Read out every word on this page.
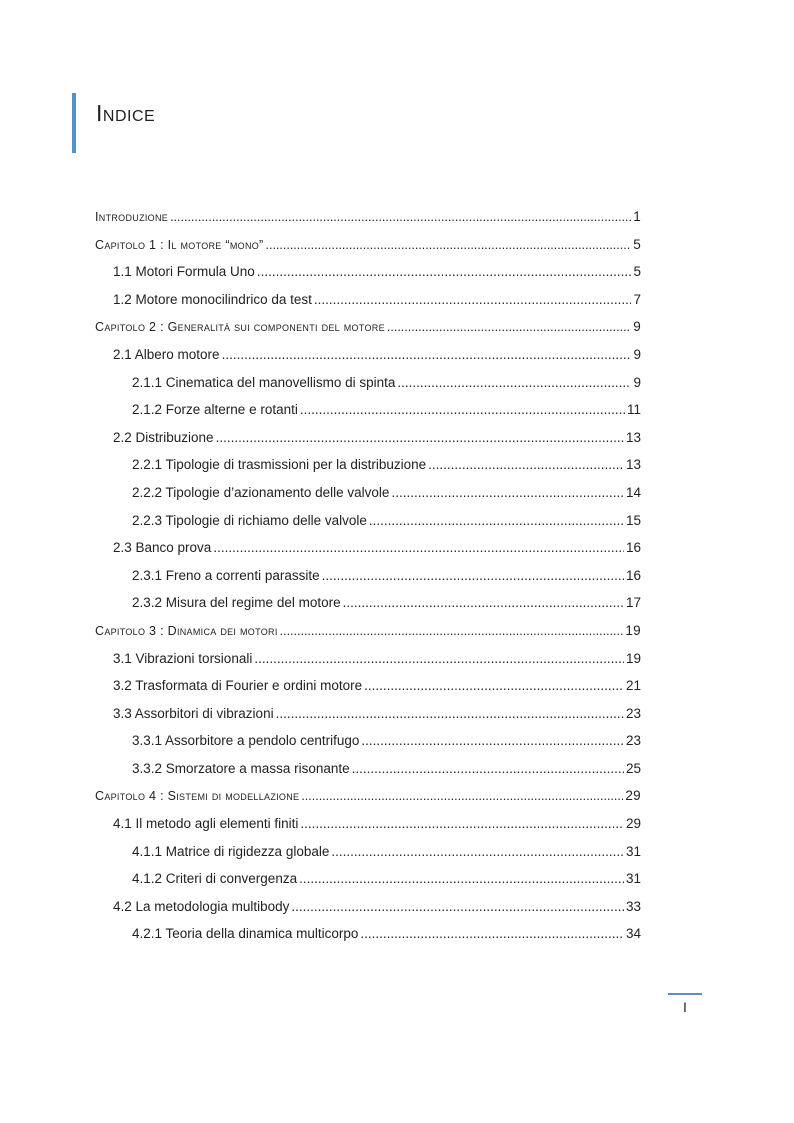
Indice
Introduzione .....	1
Capitolo 1 : Il motore “mono” .....	5
1.1 Motori Formula Uno .....	5
1.2 Motore monocilindrico da test .....	7
Capitolo 2 : Generalità sui componenti del motore .....	9
2.1 Albero motore .....	9
2.1.1 Cinematica del manovellismo di spinta .....	9
2.1.2 Forze alterne e rotanti .....	11
2.2 Distribuzione .....	13
2.2.1 Tipologie di trasmissioni per la distribuzione .....	13
2.2.2 Tipologie d’azionamento delle valvole .....	14
2.2.3 Tipologie di richiamo delle valvole .....	15
2.3 Banco prova .....	16
2.3.1 Freno a correnti parassite .....	16
2.3.2 Misura del regime del motore .....	17
Capitolo 3 : Dinamica dei motori .....	19
3.1 Vibrazioni torsionali .....	19
3.2 Trasformata di Fourier e ordini motore .....	21
3.3 Assorbitori di vibrazioni .....	23
3.3.1 Assorbitore a pendolo centrifugo .....	23
3.3.2 Smorzatore a massa risonante .....	25
Capitolo 4 : Sistemi di modellazione .....	29
4.1 Il metodo agli elementi finiti .....	29
4.1.1 Matrice di rigidezza globale .....	31
4.1.2 Criteri di convergenza .....	31
4.2 La metodologia multibody .....	33
4.2.1 Teoria della dinamica multicorpo .....	34
I
